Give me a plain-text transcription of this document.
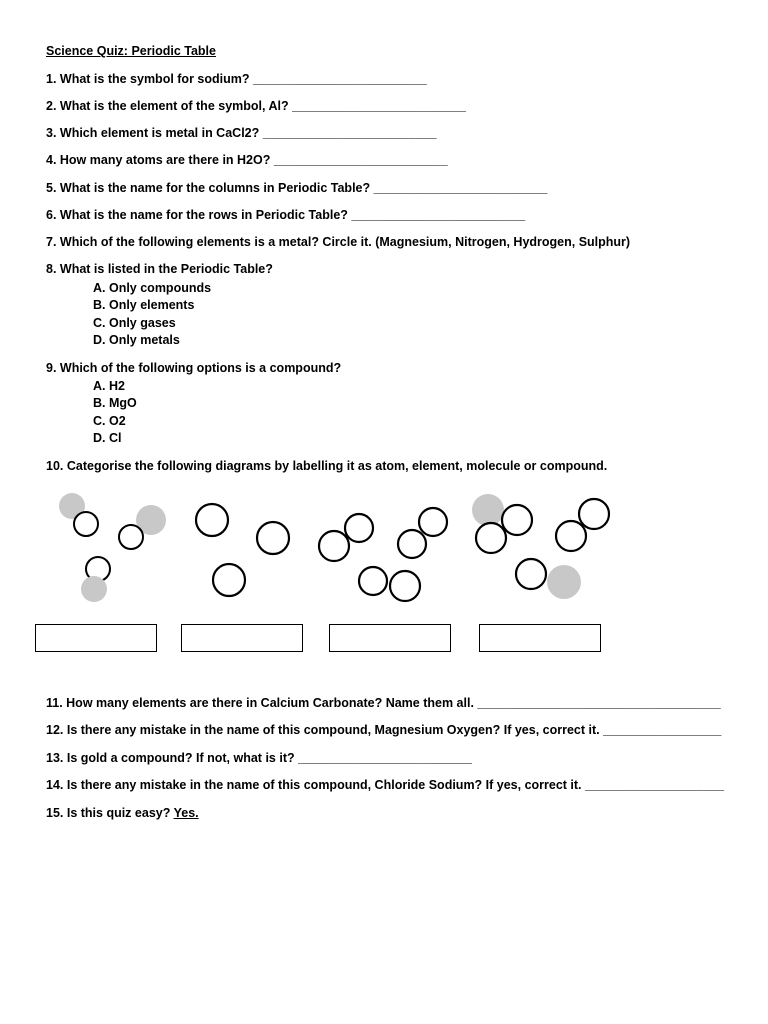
Science Quiz: Periodic Table
1. What is the symbol for sodium? _________________________
2. What is the element of the symbol, Al? _________________________
3. Which element is metal in CaCl2? _________________________
4. How many atoms are there in H2O? _________________________
5. What is the name for the columns in Periodic Table? _________________________
6. What is the name for the rows in Periodic Table? _________________________
7. Which of the following elements is a metal? Circle it. (Magnesium, Nitrogen, Hydrogen, Sulphur)
8. What is listed in the Periodic Table?
A. Only compounds
B. Only elements
C. Only gases
D. Only metals
9. Which of the following options is a compound?
A. H2
B. MgO
C. O2
D. Cl
10. Categorise the following diagrams by labelling it as atom, element, molecule or compound.
11. How many elements are there in Calcium Carbonate? Name them all. ___________________________________
12. Is there any mistake in the name of this compound, Magnesium Oxygen? If yes, correct it. _________________
13. Is gold a compound? If not, what is it? _________________________
14. Is there any mistake in the name of this compound, Chloride Sodium? If yes, correct it. ____________________
15. Is this quiz easy? Yes.
